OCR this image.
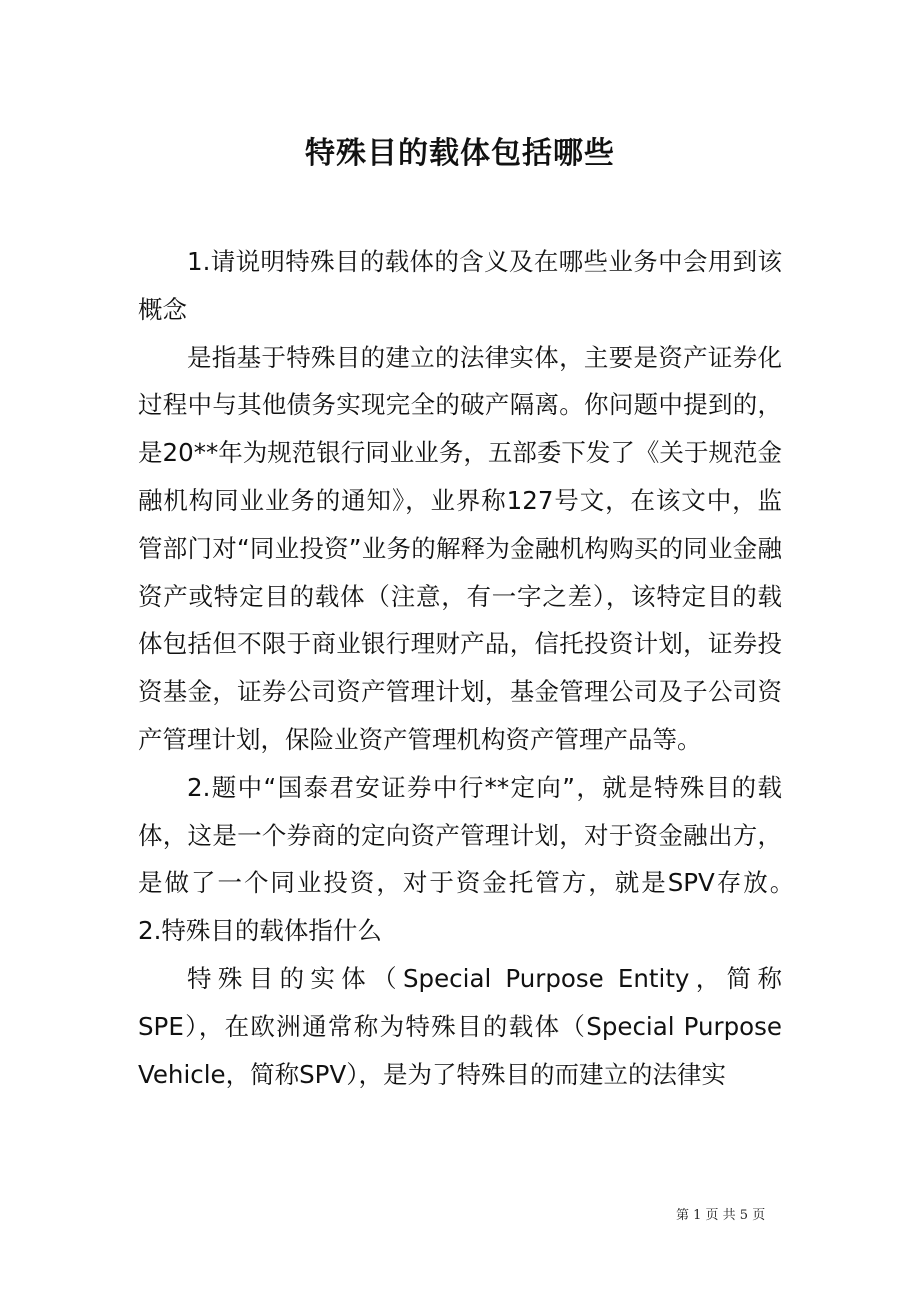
特殊目的载体包括哪些

1.请说明特殊目的载体的含义及在哪些业务中会用到该概念

是指基于特殊目的建立的法律实体，主要是资产证券化过程中与其他债务实现完全的破产隔离。你问题中提到的，是20**年为规范银行同业业务，五部委下发了《关于规范金融机构同业业务的通知》，业界称127号文，在该文中，监管部门对“同业投资”业务的解释为金融机构购买的同业金融资产或特定目的载体（注意，有一字之差），该特定目的载体包括但不限于商业银行理财产品，信托投资计划，证券投资基金，证券公司资产管理计划，基金管理公司及子公司资产管理计划，保险业资产管理机构资产管理产品等。

2.题中“国泰君安证券中行**定向”，就是特殊目的载体，这是一个券商的定向资产管理计划，对于资金融出方，是做了一个同业投资，对于资金托管方，就是SPV存放。　　2.特殊目的载体指什么

特殊目的实体（Special Purpose Entity，简称SPE），在欧洲通常称为特殊目的载体（Special Purpose Vehicle，简称SPV），是为了特殊目的而建立的法律实

第 1 页 共 5 页
